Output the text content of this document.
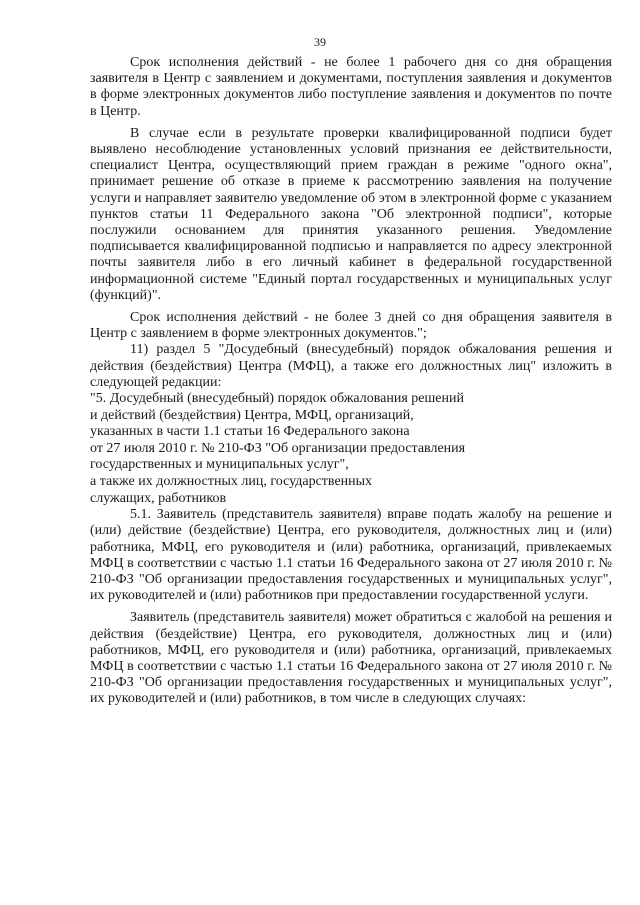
39

Срок исполнения действий - не более 1 рабочего дня со дня обращения заявителя в Центр с заявлением и документами, поступления заявления и документов в форме электронных документов либо поступление заявления и документов по почте в Центр.

В случае если в результате проверки квалифицированной подписи будет выявлено несоблюдение установленных условий признания ее действительности, специалист Центра, осуществляющий прием граждан в режиме "одного окна", принимает решение об отказе в приеме к рассмотрению заявления на получение услуги и направляет заявителю уведомление об этом в электронной форме с указанием пунктов статьи 11 Федерального закона "Об электронной подписи", которые послужили основанием для принятия указанного решения. Уведомление подписывается квалифицированной подписью и направляется по адресу электронной почты заявителя либо в его личный кабинет в федеральной государственной информационной системе "Единый портал государственных и муниципальных услуг (функций)".

Срок исполнения действий - не более 3 дней со дня обращения заявителя в Центр с заявлением в форме электронных документов.";

11) раздел 5 "Досудебный (внесудебный) порядок обжалования решения и действия (бездействия) Центра (МФЦ), а также его должностных лиц" изложить в следующей редакции:

"5. Досудебный (внесудебный) порядок обжалования решений
и действий (бездействия) Центра, МФЦ, организаций,
указанных в части 1.1 статьи 16 Федерального закона
от 27 июля 2010 г. № 210-ФЗ "Об организации предоставления
государственных и муниципальных услуг",
а также их должностных лиц, государственных
служащих, работников

5.1. Заявитель (представитель заявителя) вправе подать жалобу на решение и (или) действие (бездействие) Центра, его руководителя, должностных лиц и (или) работника, МФЦ, его руководителя и (или) работника, организаций, привлекаемых МФЦ в соответствии с частью 1.1 статьи 16 Федерального закона от 27 июля 2010 г. № 210-ФЗ "Об организации предоставления государственных и муниципальных услуг", их руководителей и (или) работников при предоставлении государственной услуги.

Заявитель (представитель заявителя) может обратиться с жалобой на решения и действия (бездействие) Центра, его руководителя, должностных лиц и (или) работников, МФЦ, его руководителя и (или) работника, организаций, привлекаемых МФЦ в соответствии с частью 1.1 статьи 16 Федерального закона от 27 июля 2010 г. № 210-ФЗ "Об организации предоставления государственных и муниципальных услуг", их руководителей и (или) работников, в том числе в следующих случаях:
